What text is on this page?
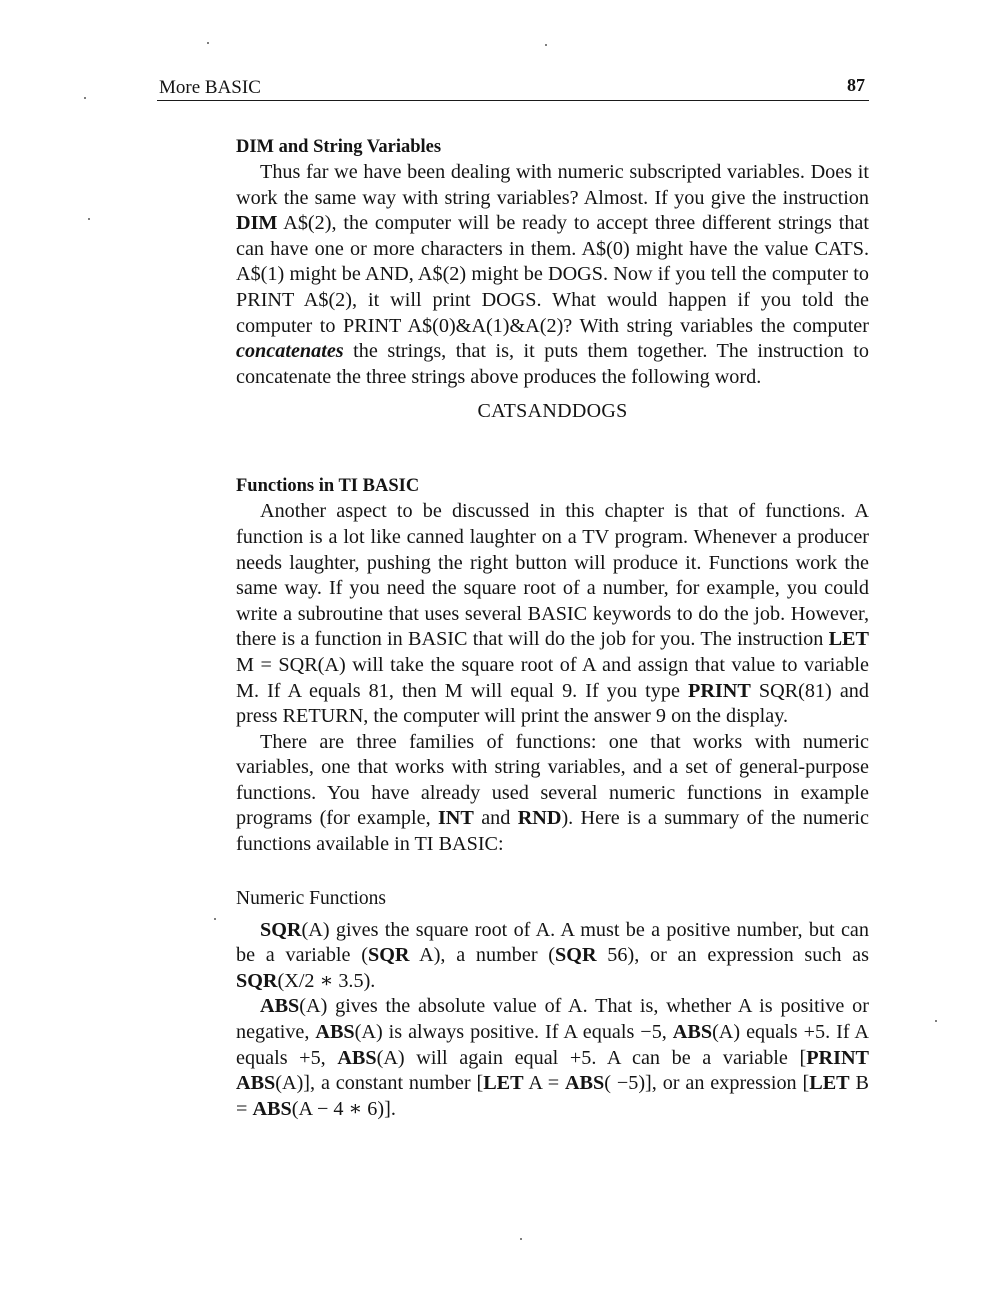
More BASIC	87
DIM and String Variables

Thus far we have been dealing with numeric subscripted variables. Does it work the same way with string variables? Almost. If you give the instruction DIM A$(2), the computer will be ready to accept three different strings that can have one or more characters in them. A$(0) might have the value CATS. A$(1) might be AND, A$(2) might be DOGS. Now if you tell the computer to PRINT A$(2), it will print DOGS. What would happen if you told the computer to PRINT A$(0)&A(1)&A(2)? With string variables the computer concatenates the strings, that is, it puts them together. The instruction to concatenate the three strings above produces the following word.

CATSANDDOGS
Functions in TI BASIC

Another aspect to be discussed in this chapter is that of functions. A function is a lot like canned laughter on a TV program. Whenever a producer needs laughter, pushing the right button will produce it. Functions work the same way. If you need the square root of a number, for example, you could write a subroutine that uses several BASIC keywords to do the job. However, there is a function in BASIC that will do the job for you. The instruction LET M = SQR(A) will take the square root of A and assign that value to variable M. If A equals 81, then M will equal 9. If you type PRINT SQR(81) and press RETURN, the computer will print the answer 9 on the display.

There are three families of functions: one that works with numeric variables, one that works with string variables, and a set of general-purpose functions. You have already used several numeric functions in example programs (for example, INT and RND). Here is a summary of the numeric functions available in TI BASIC:

Numeric Functions

SQR(A) gives the square root of A. A must be a positive number, but can be a variable (SQR A), a number (SQR 56), or an expression such as SQR(X/2 ∗ 3.5).

ABS(A) gives the absolute value of A. That is, whether A is positive or negative, ABS(A) is always positive. If A equals −5, ABS(A) equals +5. If A equals +5, ABS(A) will again equal +5. A can be a variable [PRINT ABS(A)], a constant number [LET A = ABS( −5)], or an expression [LET B = ABS(A − 4 ∗ 6)].
